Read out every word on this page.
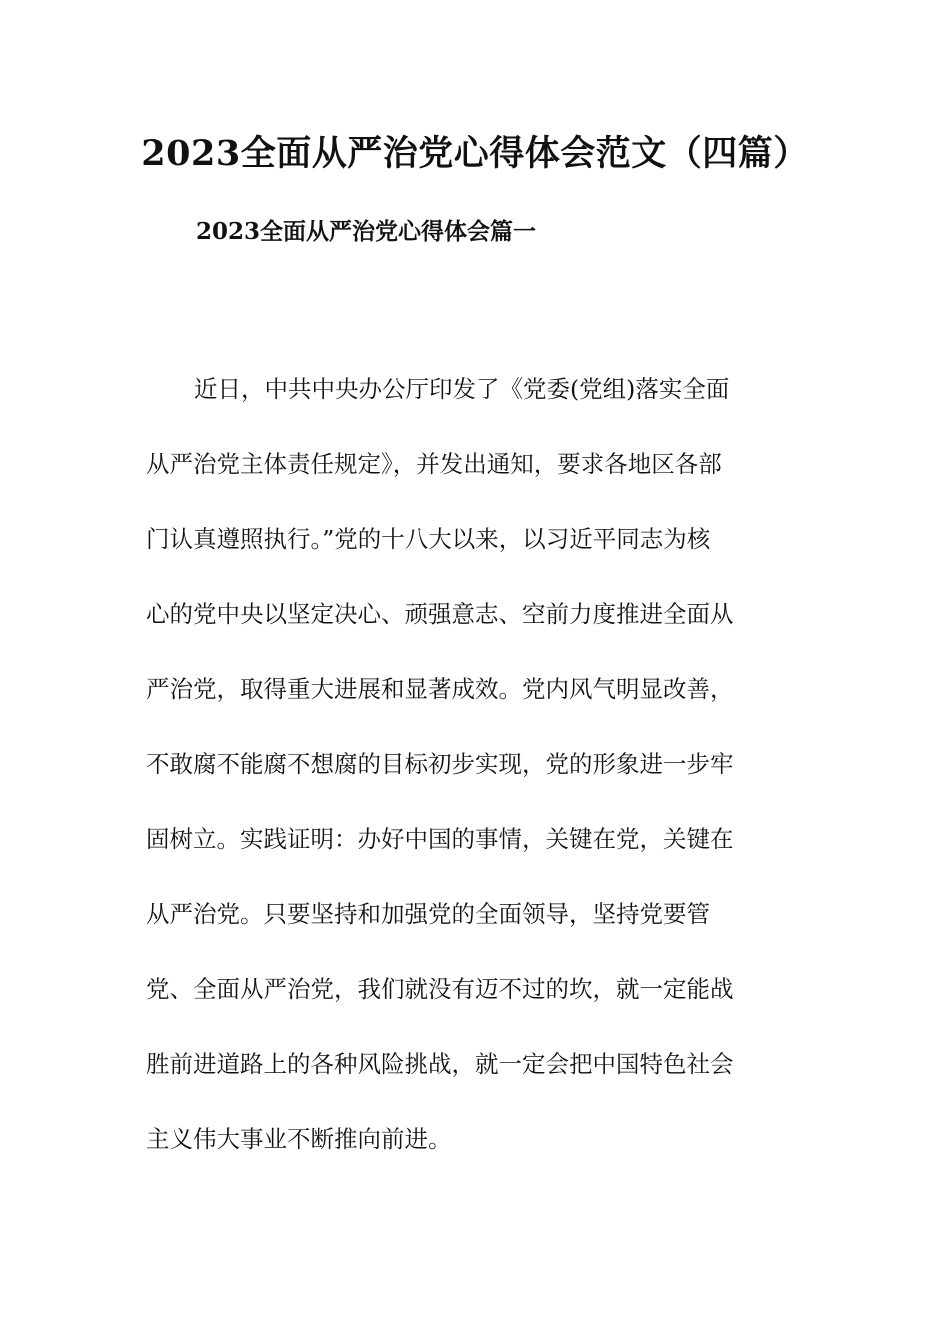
2023全面从严治党心得体会范文（四篇）
2023全面从严治党心得体会篇一
近日，中共中央办公厅印发了《党委(党组)落实全面
从严治党主体责任规定》，并发出通知，要求各地区各部
门认真遵照执行。”党的十八大以来，以习近平同志为核
心的党中央以坚定决心、顽强意志、空前力度推进全面从
严治党，取得重大进展和显著成效。党内风气明显改善，
不敢腐不能腐不想腐的目标初步实现，党的形象进一步牢
固树立。实践证明：办好中国的事情，关键在党，关键在
从严治党。只要坚持和加强党的全面领导，坚持党要管
党、全面从严治党，我们就没有迈不过的坎，就一定能战
胜前进道路上的各种风险挑战，就一定会把中国特色社会
主义伟大事业不断推向前进。
